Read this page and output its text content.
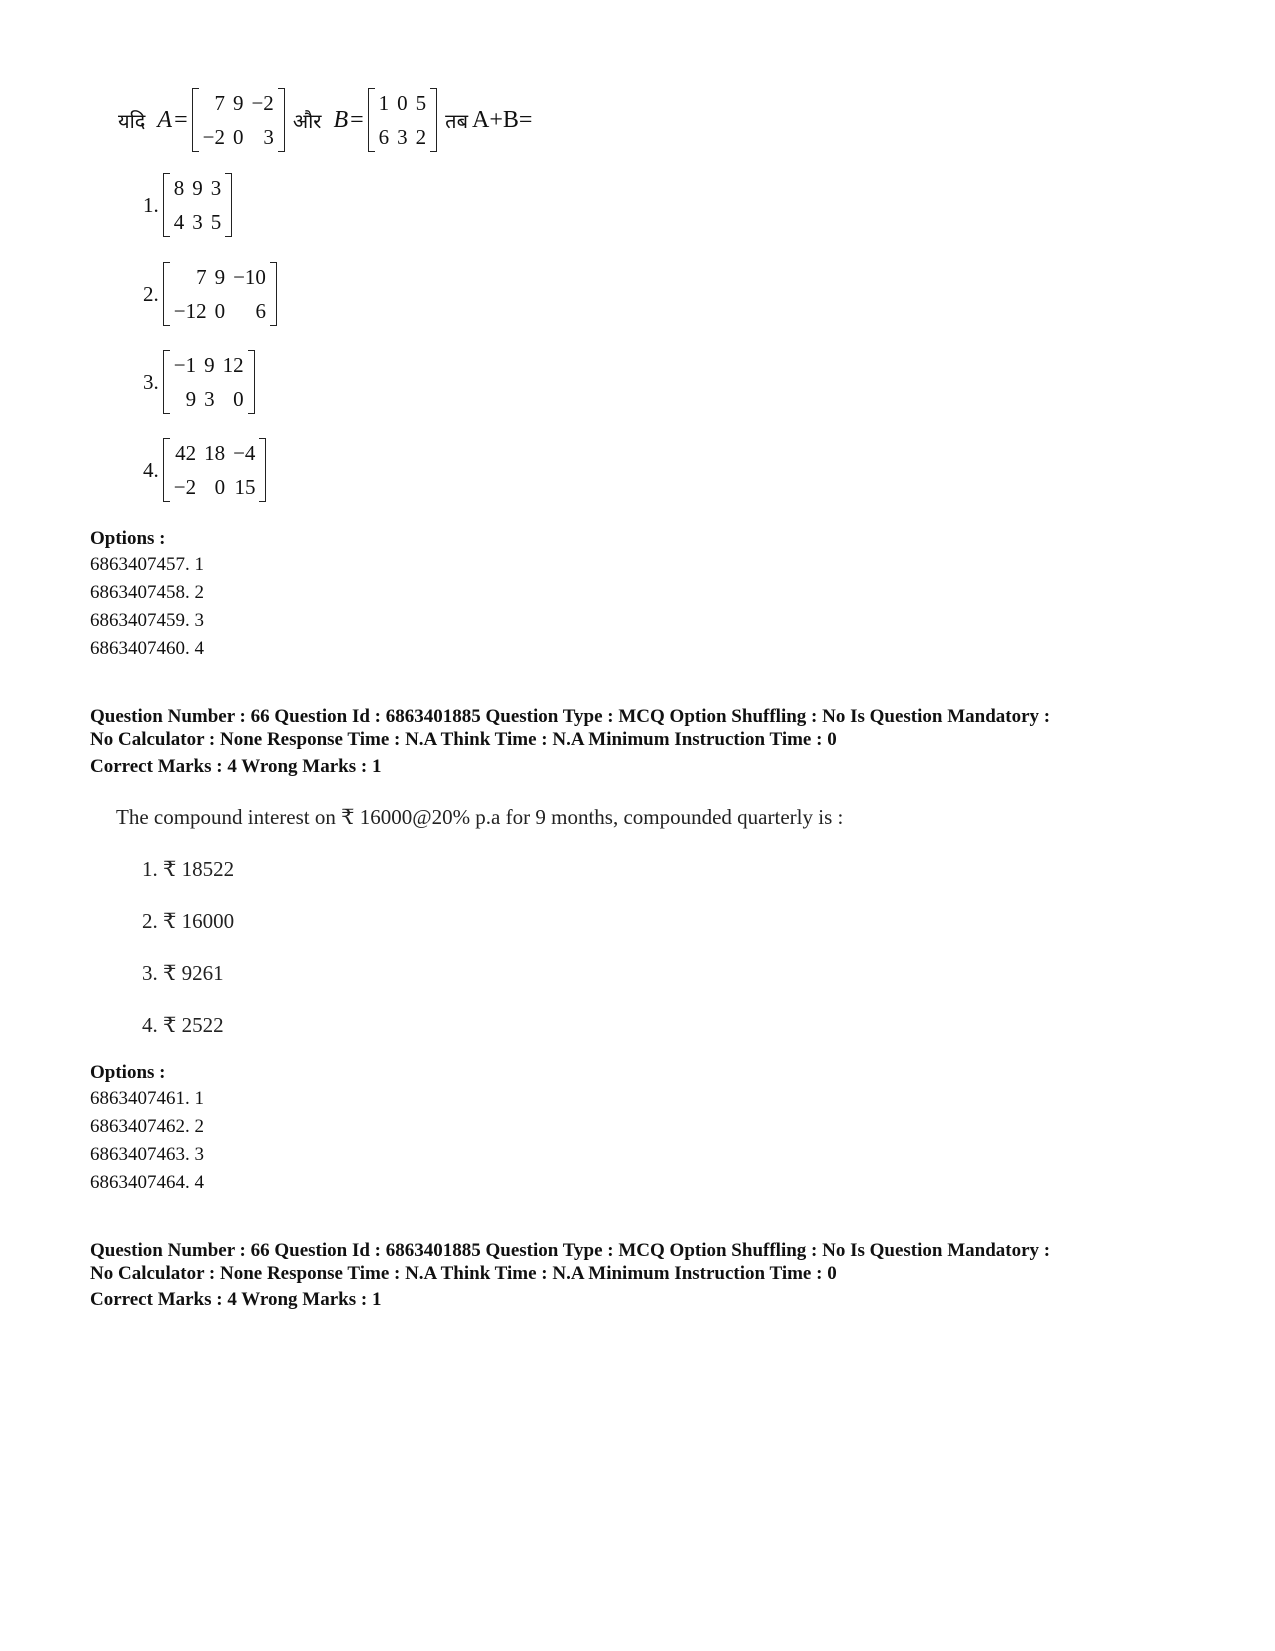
यदि A =
7 9 −2
−2 0 3
और B =
1 0 5
6 3 2
तब A+B=
1.
8 9 3
4 3 5
2.
7 9 −10
−12 0	6
3.
−1 9 12
9 3 0
4.
42 18 −4
−2 0 15
Options :
6863407457. 1
6863407458. 2
6863407459. 3
6863407460. 4
Question Number : 66 Question Id : 6863401885 Question Type : MCQ Option Shuffling : No Is Question Mandatory :
No Calculator : None Response Time : N.A Think Time : N.A Minimum Instruction Time : 0
Correct Marks : 4 Wrong Marks : 1
The compound interest on ₹ 16000@20% p.a for 9 months, compounded quarterly is :
1. ₹ 18522
2. ₹ 16000
3. ₹ 9261
4. ₹ 2522
Options :
6863407461. 1
6863407462. 2
6863407463. 3
6863407464. 4
Question Number : 66 Question Id : 6863401885 Question Type : MCQ Option Shuffling : No Is Question Mandatory :
No Calculator : None Response Time : N.A Think Time : N.A Minimum Instruction Time : 0
Correct Marks : 4 Wrong Marks : 1
